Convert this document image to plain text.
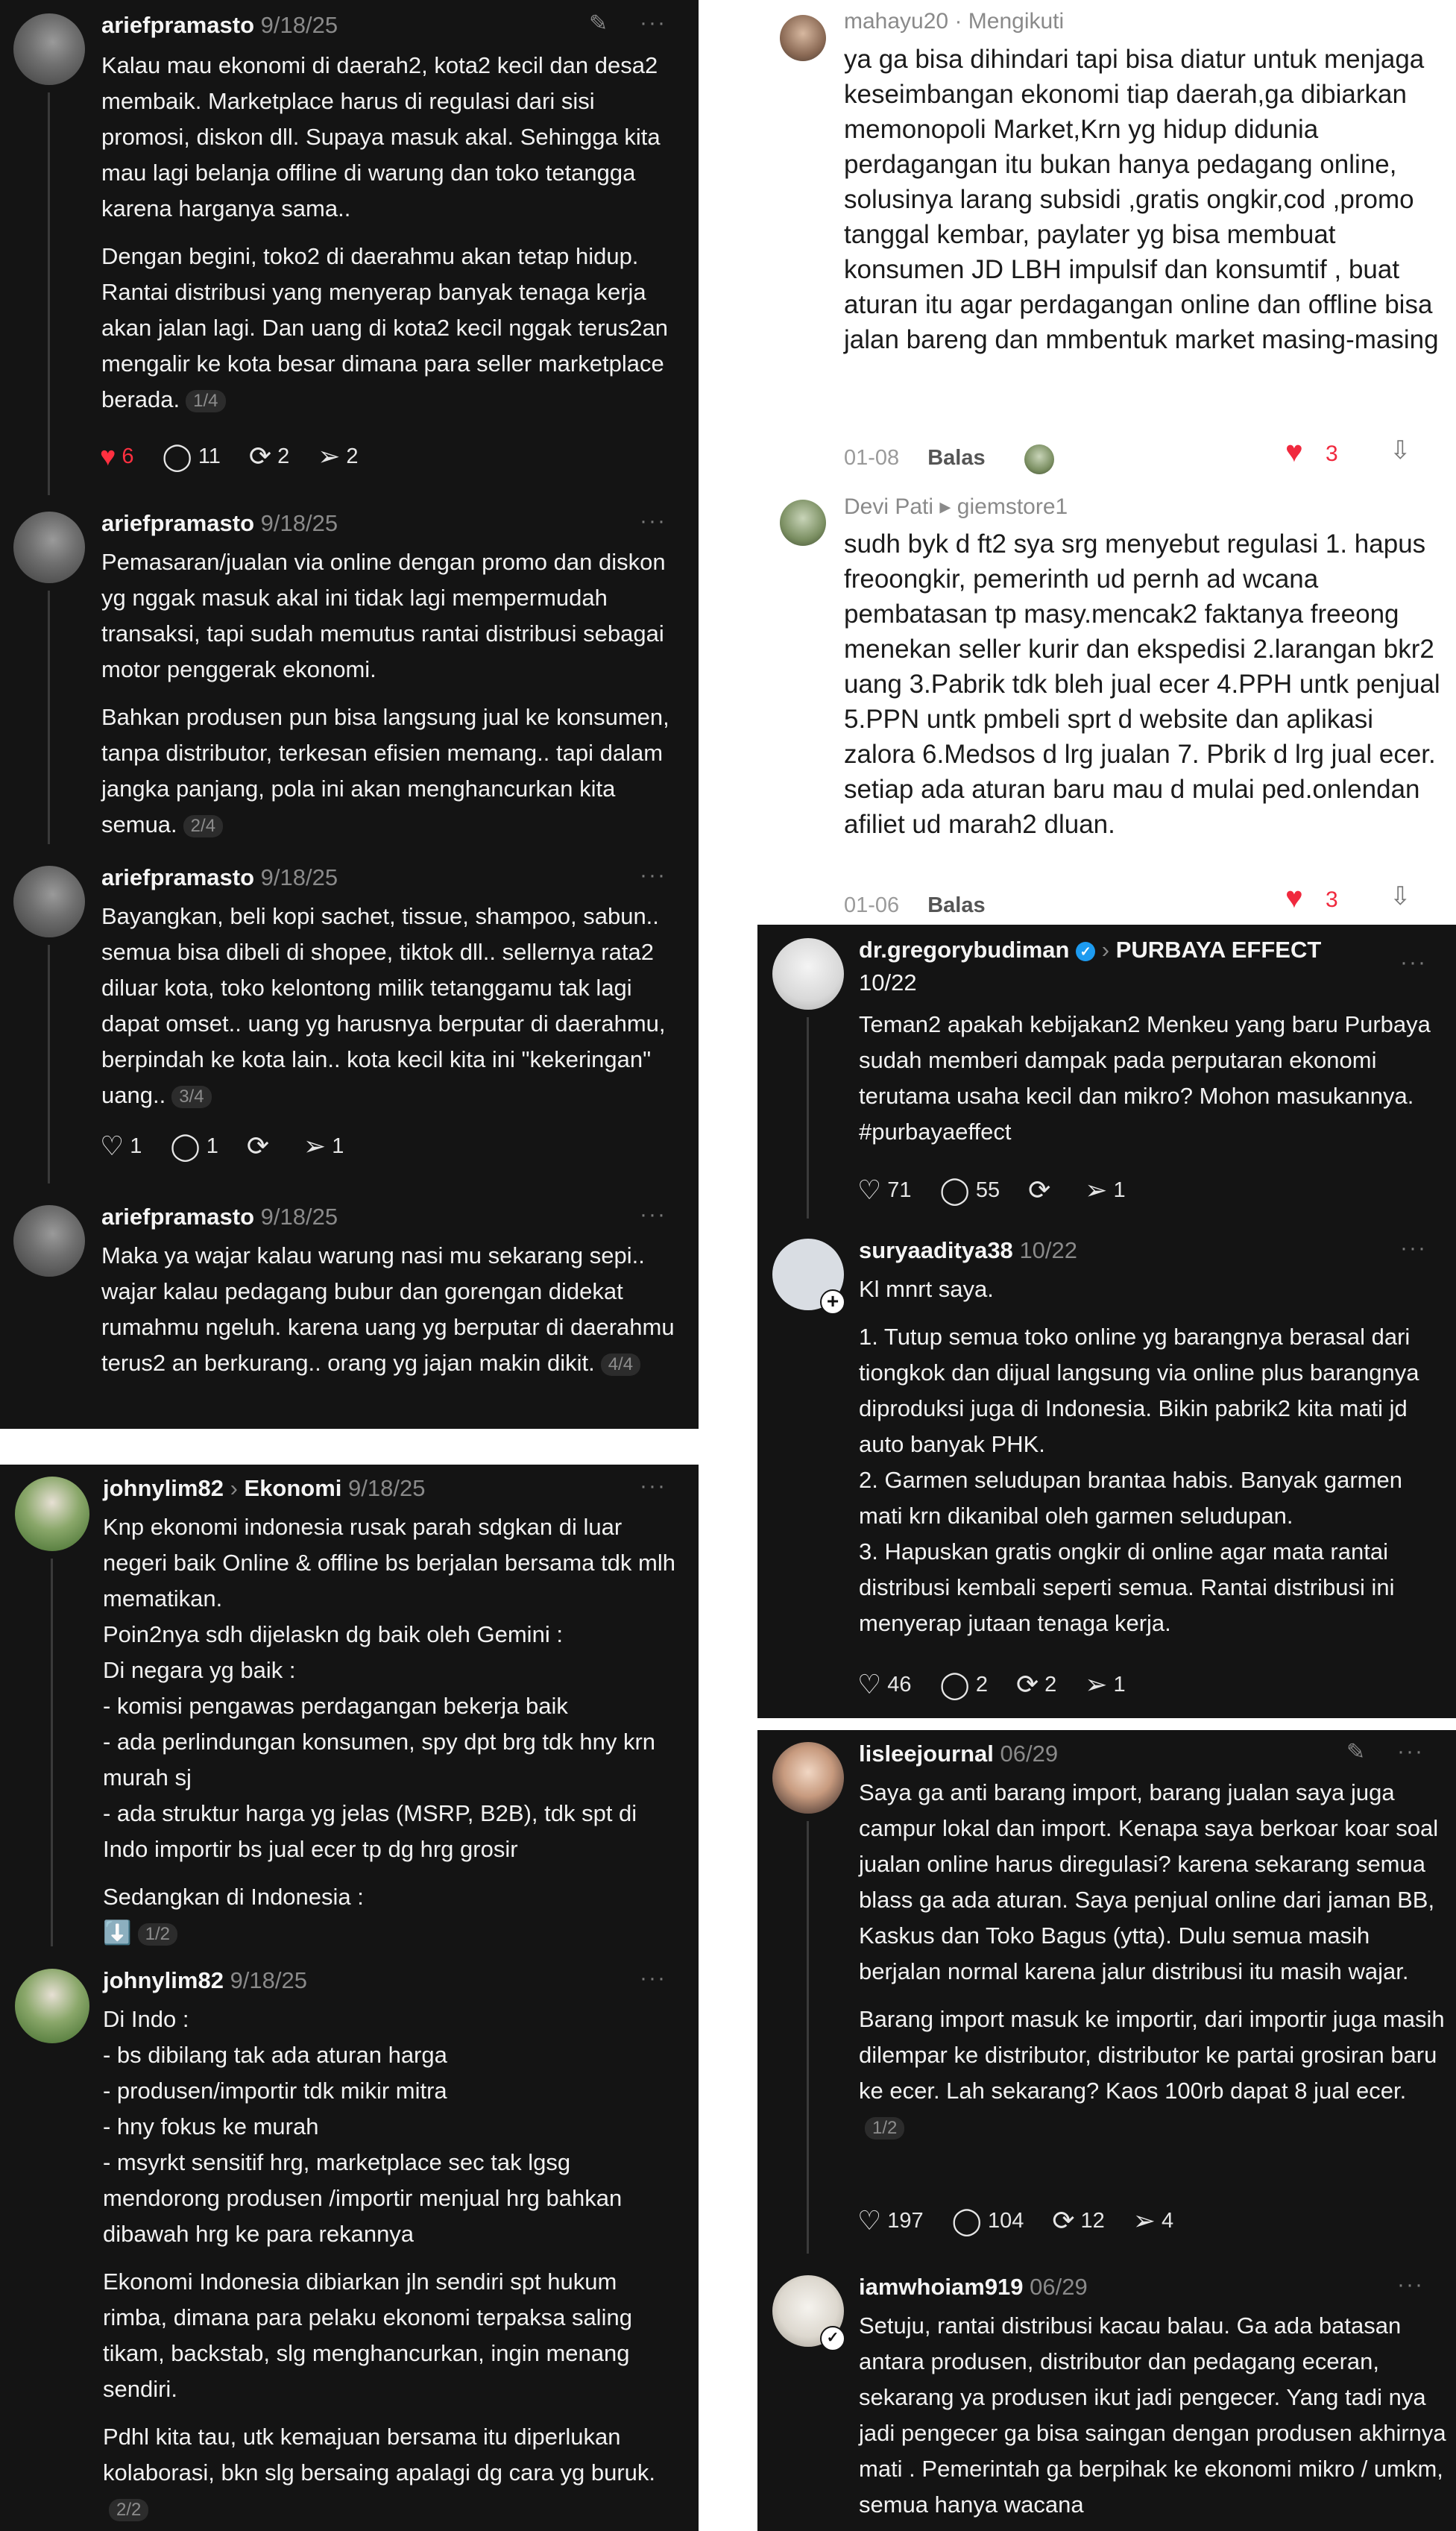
ariefpramasto 9/18/25	✎ ···

Kalau mau ekonomi di daerah2, kota2 kecil dan desa2 membaik. Marketplace harus di regulasi dari sisi promosi, diskon dll. Supaya masuk akal. Sehingga kita mau lagi belanja offline di warung dan toko tetangga karena harganya sama..

Dengan begini, toko2 di daerahmu akan tetap hidup. Rantai distribusi yang menyerap banyak tenaga kerja akan jalan lagi. Dan uang di kota2 kecil nggak terus2an mengalir ke kota besar dimana para seller marketplace berada. 1/4

♥ 6 ◯ 11 ⟳ 2 ➢ 2
ariefpramasto 9/18/25	···

Pemasaran/jualan via online dengan promo dan diskon yg nggak masuk akal ini tidak lagi mempermudah transaksi, tapi sudah memutus rantai distribusi sebagai motor penggerak ekonomi.

Bahkan produsen pun bisa langsung jual ke konsumen, tanpa distributor, terkesan efisien memang.. tapi dalam jangka panjang, pola ini akan menghancurkan kita semua. 2/4

ariefpramasto 9/18/25	···

Bayangkan, beli kopi sachet, tissue, shampoo, sabun.. semua bisa dibeli di shopee, tiktok dll.. sellernya rata2 diluar kota, toko kelontong milik tetanggamu tak lagi dapat omset.. uang yg harusnya berputar di daerahmu, berpindah ke kota lain.. kota kecil kita ini "kekeringan" uang.. 3/4

♡ 1 ◯ 1 ⟳ ➢ 1
ariefpramasto 9/18/25	···

Maka ya wajar kalau warung nasi mu sekarang sepi.. wajar kalau pedagang bubur dan gorengan didekat rumahmu ngeluh. karena uang yg berputar di daerahmu terus2 an berkurang.. orang yg jajan makin dikit. 4/4

johnylim82 › Ekonomi 9/18/25	···

Knp ekonomi indonesia rusak parah sdgkan di luar negeri baik Online & offline bs berjalan bersama tdk mlh mematikan.
Poin2nya sdh dijelaskn dg baik oleh Gemini :
Di negara yg baik :
- komisi pengawas perdagangan bekerja baik
- ada perlindungan konsumen, spy dpt brg tdk hny krn murah sj
- ada struktur harga yg jelas (MSRP, B2B), tdk spt di Indo importir bs jual ecer tp dg hrg grosir

Sedangkan di Indonesia :

⬇️ 1/2

johnylim82 9/18/25	···

Di Indo :
- bs dibilang tak ada aturan harga
- produsen/importir tdk mikir mitra
- hny fokus ke murah
- msyrkt sensitif hrg, marketplace sec tak lgsg mendorong produsen /importir menjual hrg bahkan dibawah hrg ke para rekannya

Ekonomi Indonesia dibiarkan jln sendiri spt hukum rimba, dimana para pelaku ekonomi terpaksa saling tikam, backstab, slg menghancurkan, ingin menang sendiri.

Pdhl kita tau, utk kemajuan bersama itu diperlukan kolaborasi, bkn slg bersaing apalagi dg cara yg buruk.2/2

mahayu20 · Mengikuti
ya ga bisa dihindari tapi bisa diatur untuk menjaga keseimbangan ekonomi tiap daerah,ga dibiarkan memonopoli Market,Krn yg hidup didunia perdagangan itu bukan hanya pedagang online, solusinya larang subsidi ,gratis ongkir,cod ,promo tanggal kembar, paylater yg bisa membuat konsumen JD LBH impulsif dan konsumtif , buat aturan itu agar perdagangan online dan offline bisa jalan bareng dan mmbentuk market masing-masing
01-08 Balas	♥ 3 ⇩
Devi Pati ▸ giemstore1
sudh byk d ft2 sya srg menyebut regulasi 1. hapus freoongkir, pemerinth ud pernh ad wcana pembatasan tp masy.mencak2 faktanya freeong menekan seller kurir dan ekspedisi 2.larangan bkr2 uang 3.Pabrik tdk bleh jual ecer 4.PPH untk penjual 5.PPN untk pmbeli sprt d website dan aplikasi zalora 6.Medsos d lrg jualan 7. Pbrik d lrg jual ecer. setiap ada aturan baru mau d mulai ped.onlendan afiliet ud marah2 dluan.
01-06 Balas	♥ 3 ⇩
dr.gregorybudiman ✓ › PURBAYA EFFECT	···
10/22

Teman2 apakah kebijakan2 Menkeu yang baru Purbaya sudah memberi dampak pada perputaran ekonomi terutama usaha kecil dan mikro? Mohon masukannya. #purbayaeffect

♡ 71 ◯ 55 ⟳ ➢ 1
+
suryaaditya38 10/22	···

Kl mnrt saya.

1. Tutup semua toko online yg barangnya berasal dari tiongkok dan dijual langsung via online plus barangnya diproduksi juga di Indonesia. Bikin pabrik2 kita mati jd auto banyak PHK.
2. Garmen seludupan brantaa habis. Banyak garmen mati krn dikanibal oleh garmen seludupan.
3. Hapuskan gratis ongkir di online agar mata rantai distribusi kembali seperti semua. Rantai distribusi ini menyerap jutaan tenaga kerja.

♡ 46 ◯ 2 ⟳ 2 ➢ 1
lisleejournal 06/29	✎ ···

Saya ga anti barang import, barang jualan saya juga campur lokal dan import. Kenapa saya berkoar koar soal jualan online harus diregulasi? karena sekarang semua blass ga ada aturan. Saya penjual online dari jaman BB, Kaskus dan Toko Bagus (ytta). Dulu semua masih berjalan normal karena jalur distribusi itu masih wajar.

Barang import masuk ke importir, dari importir juga masih dilempar ke distributor, distributor ke partai grosiran baru ke ecer. Lah sekarang? Kaos 100rb dapat 8 jual ecer.1/2

♡ 197 ◯ 104 ⟳ 12 ➢ 4
✓
iamwhoiam919 06/29	···

Setuju, rantai distribusi kacau balau. Ga ada batasan antara produsen, distributor dan pedagang eceran, sekarang ya produsen ikut jadi pengecer. Yang tadi nya jadi pengecer ga bisa saingan dengan produsen akhirnya mati . Pemerintah ga berpihak ke ekonomi mikro / umkm, semua hanya wacana
